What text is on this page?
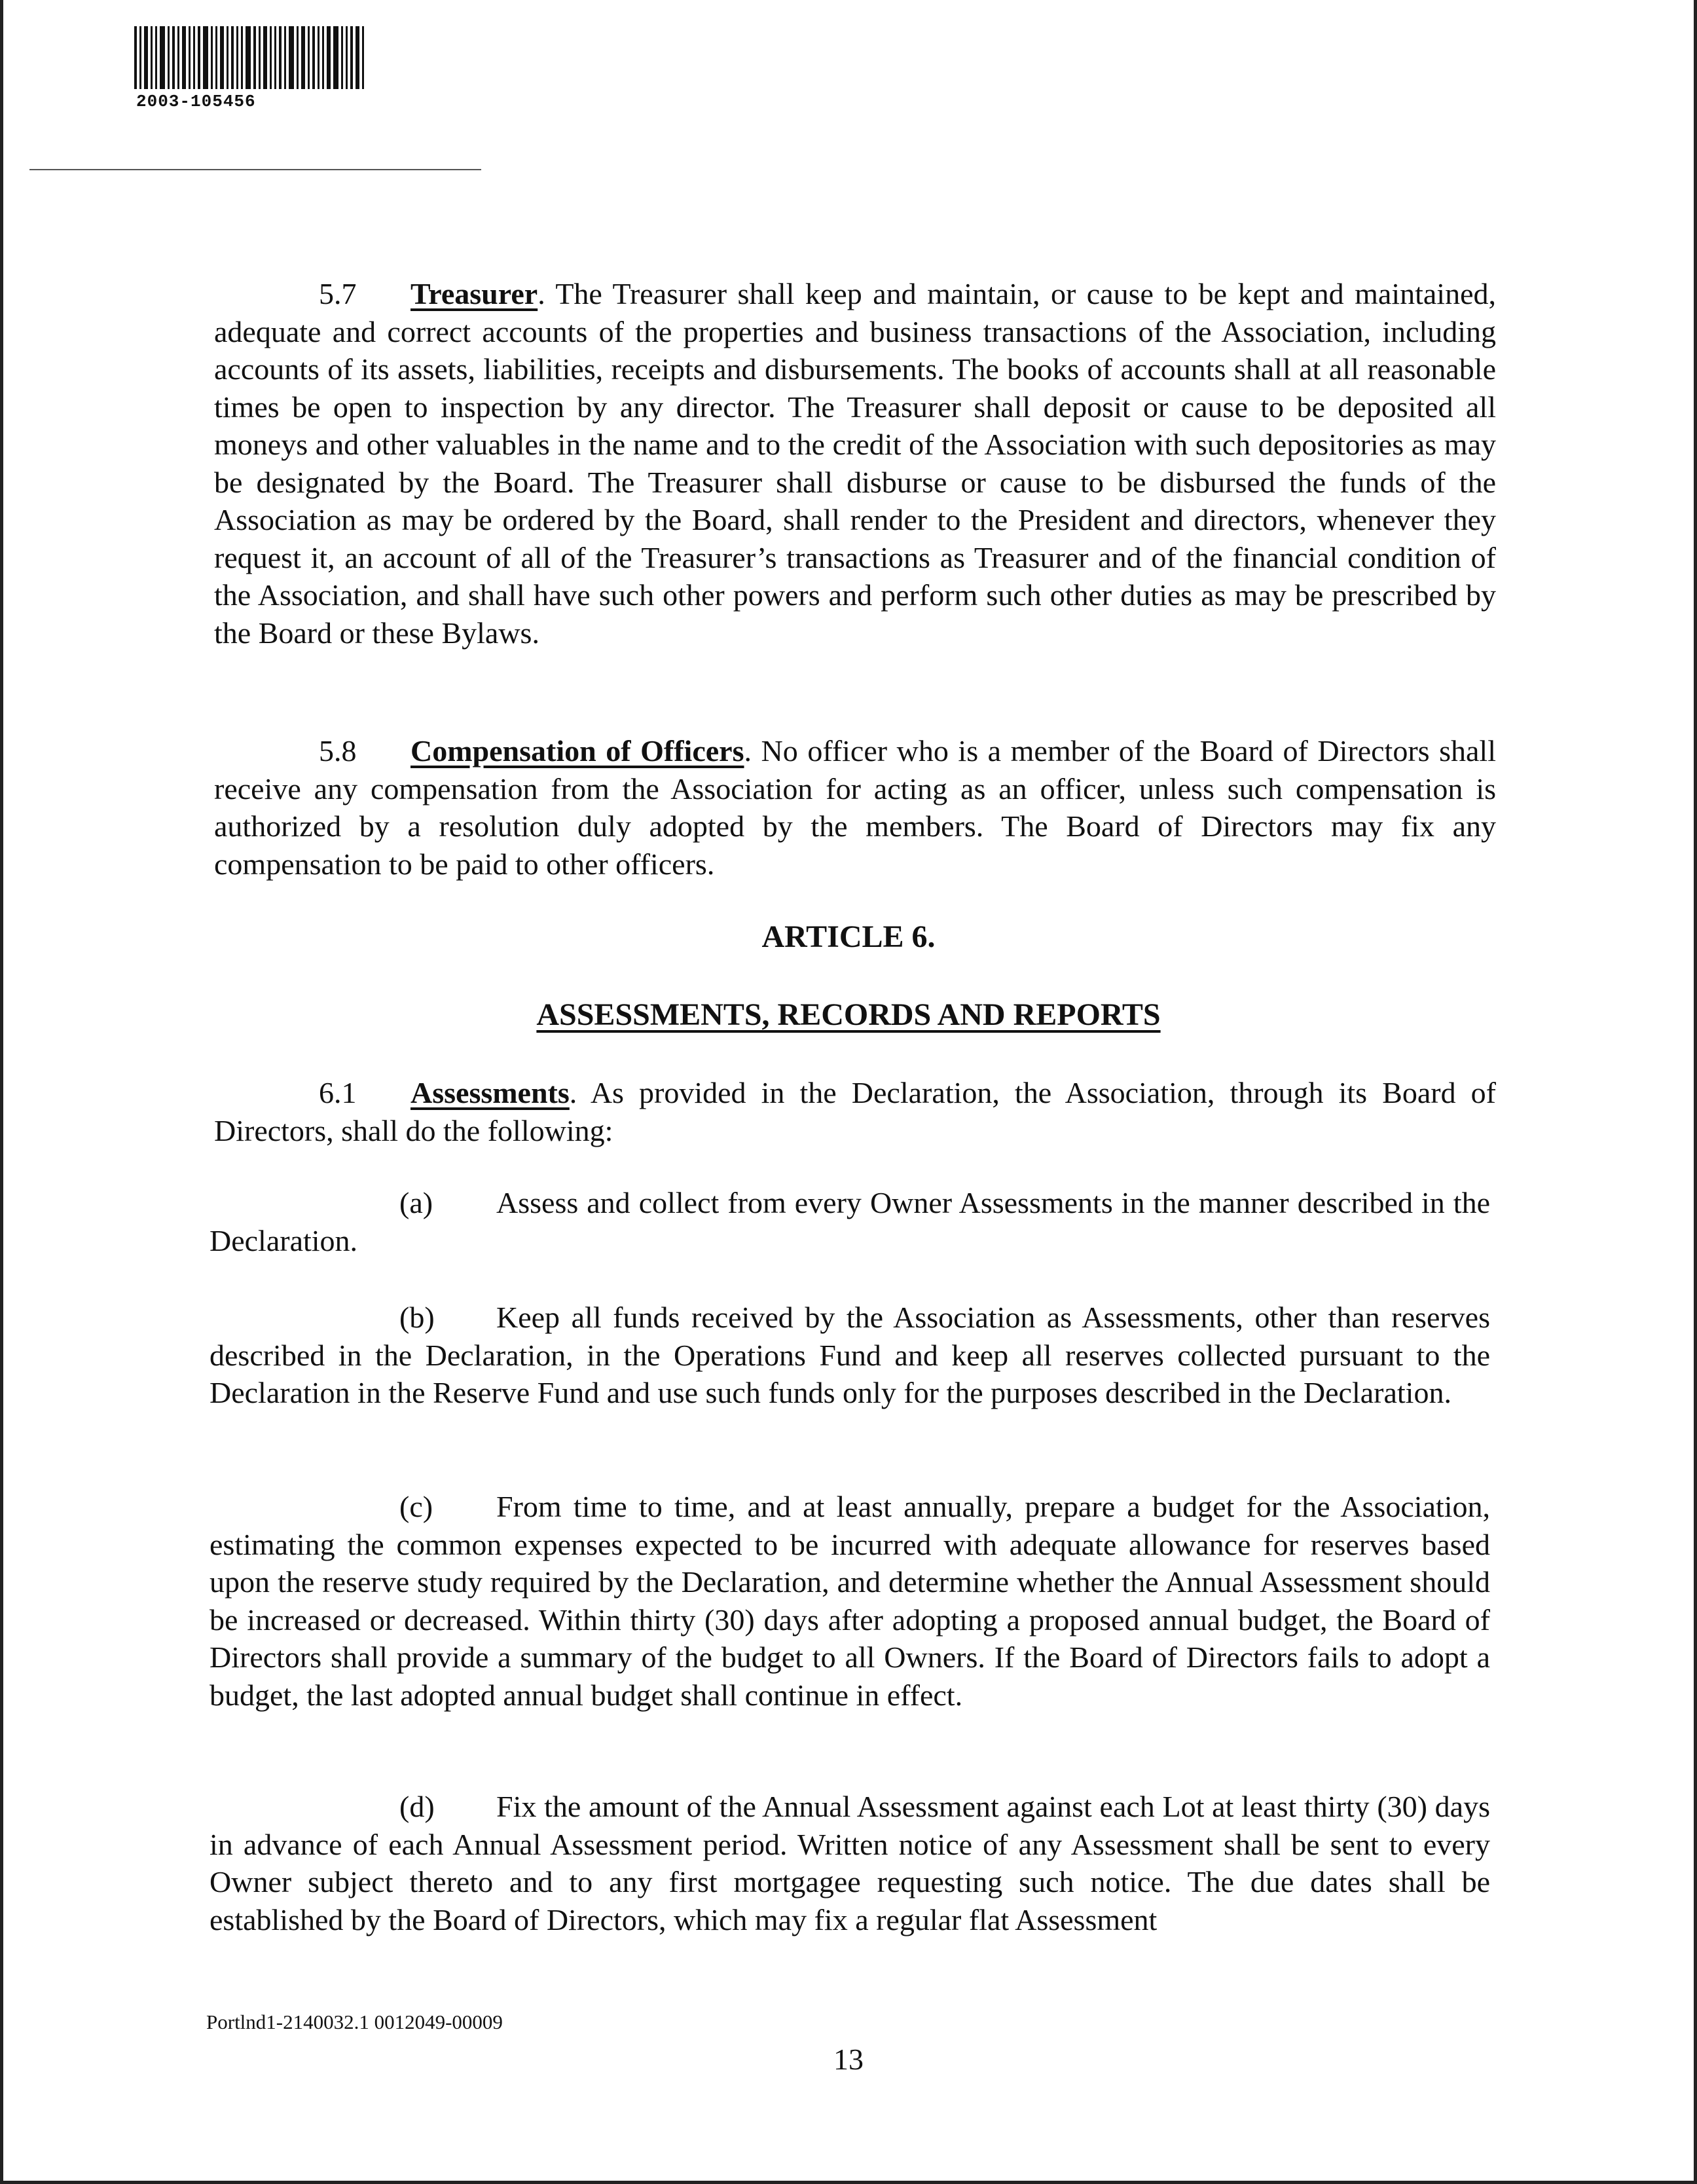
2003-105456

5.7 Treasurer. The Treasurer shall keep and maintain, or cause to be kept and maintained, adequate and correct accounts of the properties and business transactions of the Association, including accounts of its assets, liabilities, receipts and disbursements. The books of accounts shall at all reasonable times be open to inspection by any director. The Treasurer shall deposit or cause to be deposited all moneys and other valuables in the name and to the credit of the Association with such depositories as may be designated by the Board. The Treasurer shall disburse or cause to be disbursed the funds of the Association as may be ordered by the Board, shall render to the President and directors, whenever they request it, an account of all of the Treasurer’s transactions as Treasurer and of the financial condition of the Association, and shall have such other powers and perform such other duties as may be prescribed by the Board or these Bylaws.

5.8 Compensation of Officers. No officer who is a member of the Board of Directors shall receive any compensation from the Association for acting as an officer, unless such compensation is authorized by a resolution duly adopted by the members. The Board of Directors may fix any compensation to be paid to other officers.

ARTICLE 6.

ASSESSMENTS, RECORDS AND REPORTS

6.1 Assessments. As provided in the Declaration, the Association, through its Board of Directors, shall do the following:

(a) Assess and collect from every Owner Assessments in the manner described in the Declaration.

(b) Keep all funds received by the Association as Assessments, other than reserves described in the Declaration, in the Operations Fund and keep all reserves collected pursuant to the Declaration in the Reserve Fund and use such funds only for the purposes described in the Declaration.

(c) From time to time, and at least annually, prepare a budget for the Association, estimating the common expenses expected to be incurred with adequate allowance for reserves based upon the reserve study required by the Declaration, and determine whether the Annual Assessment should be increased or decreased. Within thirty (30) days after adopting a proposed annual budget, the Board of Directors shall provide a summary of the budget to all Owners. If the Board of Directors fails to adopt a budget, the last adopted annual budget shall continue in effect.

(d) Fix the amount of the Annual Assessment against each Lot at least thirty (30) days in advance of each Annual Assessment period. Written notice of any Assessment shall be sent to every Owner subject thereto and to any first mortgagee requesting such notice. The due dates shall be established by the Board of Directors, which may fix a regular flat Assessment

Portlnd1-2140032.1 0012049-00009
13
